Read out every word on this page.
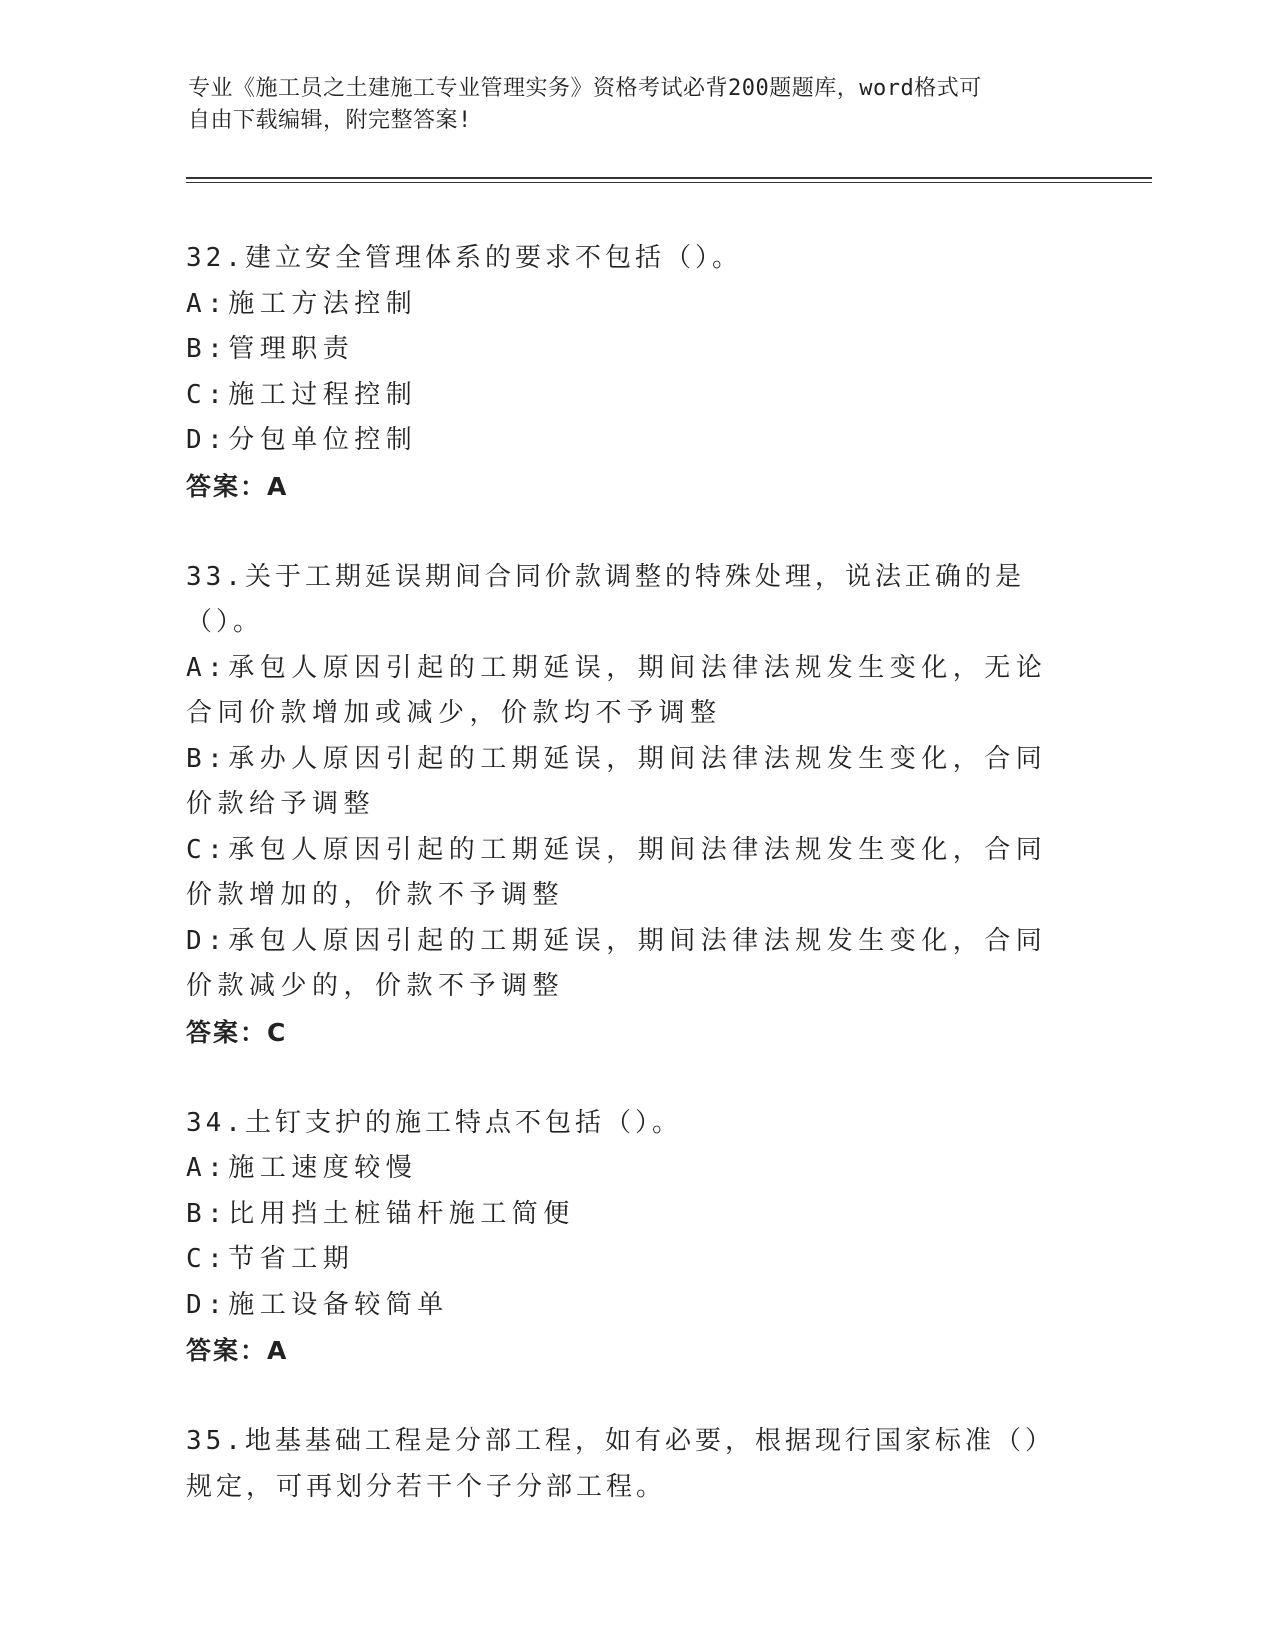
专业《施工员之土建施工专业管理实务》资格考试必背200题题库，word格式可
自由下载编辑，附完整答案!
32.建立安全管理体系的要求不包括（）。
A:施工方法控制
B:管理职责
C:施工过程控制
D:分包单位控制
答案：A
33.关于工期延误期间合同价款调整的特殊处理，说法正确的是（）。
A:承包人原因引起的工期延误，期间法律法规发生变化，无论合同价款增加或减少，价款均不予调整
B:承办人原因引起的工期延误，期间法律法规发生变化，合同价款给予调整
C:承包人原因引起的工期延误，期间法律法规发生变化，合同价款增加的，价款不予调整
D:承包人原因引起的工期延误，期间法律法规发生变化，合同价款减少的，价款不予调整
答案：C
34.土钉支护的施工特点不包括（）。
A:施工速度较慢
B:比用挡土桩锚杆施工简便
C:节省工期
D:施工设备较简单
答案：A
35.地基基础工程是分部工程，如有必要，根据现行国家标准（）规定，可再划分若干个子分部工程。
